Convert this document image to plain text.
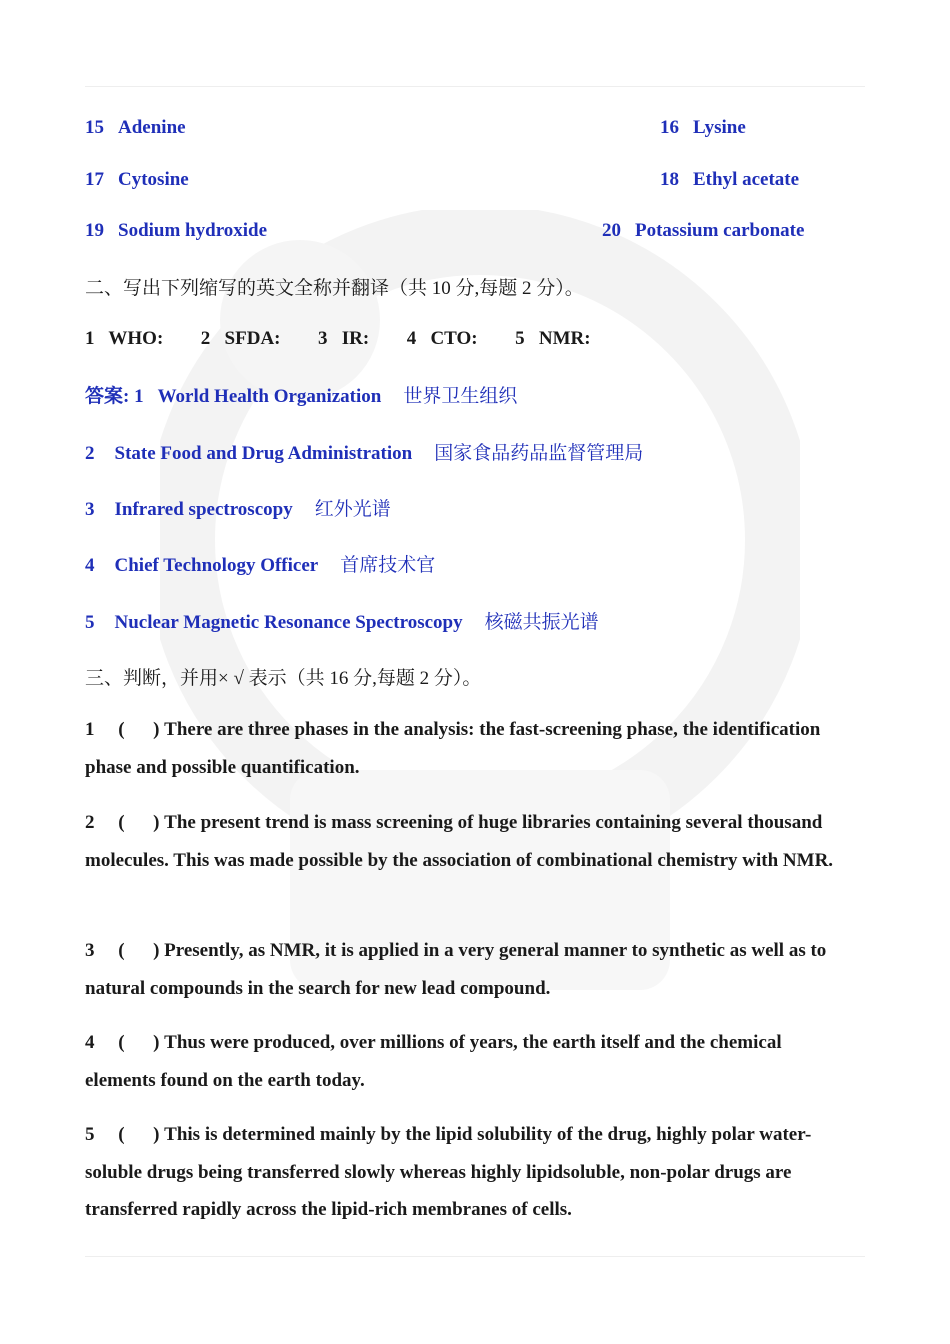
15 Adenine	16 Lysine
17 Cytosine	18 Ethyl acetate
19 Sodium hydroxide	20 Potassium carbonate
二、写出下列缩写的英文全称并翻译（共 10 分,每题 2 分）。
1   WHO: 2   SFDA: 3   IR: 4   CTO: 5   NMR:
答案: 1 World Health Organization 世界卫生组织
2 State Food and Drug Administration 国家食品药品监督管理局
3 Infrared spectroscopy 红外光谱
4 Chief Technology Officer 首席技术官
5 Nuclear Magnetic Resonance Spectroscopy 核磁共振光谱
三、判断，并用× √ 表示（共 16 分,每题 2 分）。
1 (      ) There are three phases in the analysis: the fast-screening phase, the identification phase and possible quantification.
2 (      ) The present trend is mass screening of huge libraries containing several thousand molecules. This was made possible by the association of combinational chemistry with NMR.
3 (      ) Presently, as NMR, it is applied in a very general manner to synthetic as well as to natural compounds in the search for new lead compound.
4 (      ) Thus were produced, over millions of years, the earth itself and the chemical elements found on the earth today.
5 (      ) This is determined mainly by the lipid solubility of the drug, highly polar water-soluble drugs being transferred slowly whereas highly lipidsoluble, non-polar drugs are transferred rapidly across the lipid-rich membranes of cells.
